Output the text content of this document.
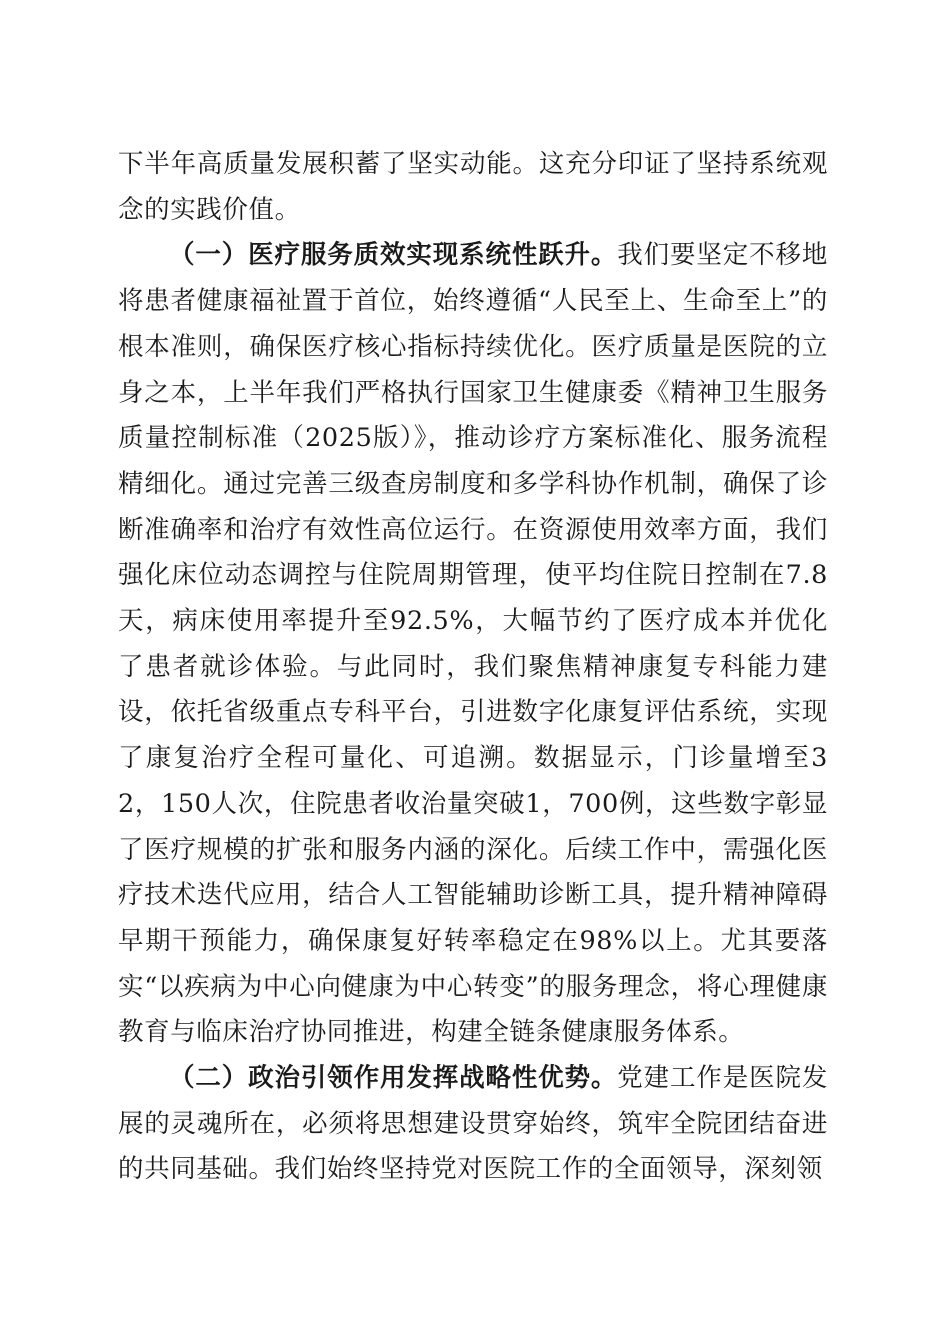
下半年高质量发展积蓄了坚实动能。这充分印证了坚持系统观念的实践价值。

（一）医疗服务质效实现系统性跃升。我们要坚定不移地将患者健康福祉置于首位，始终遵循“人民至上、生命至上”的根本准则，确保医疗核心指标持续优化。医疗质量是医院的立身之本，上半年我们严格执行国家卫生健康委《精神卫生服务质量控制标准（2025版）》，推动诊疗方案标准化、服务流程精细化。通过完善三级查房制度和多学科协作机制，确保了诊断准确率和治疗有效性高位运行。在资源使用效率方面，我们强化床位动态调控与住院周期管理，使平均住院日控制在7.8天，病床使用率提升至92.5%，大幅节约了医疗成本并优化了患者就诊体验。与此同时，我们聚焦精神康复专科能力建设，依托省级重点专科平台，引进数字化康复评估系统，实现了康复治疗全程可量化、可追溯。数据显示，门诊量增至32，150人次，住院患者收治量突破1，700例，这些数字彰显了医疗规模的扩张和服务内涵的深化。后续工作中，需强化医疗技术迭代应用，结合人工智能辅助诊断工具，提升精神障碍早期干预能力，确保康复好转率稳定在98%以上。尤其要落实“以疾病为中心向健康为中心转变”的服务理念，将心理健康教育与临床治疗协同推进，构建全链条健康服务体系。

（二）政治引领作用发挥战略性优势。党建工作是医院发展的灵魂所在，必须将思想建设贯穿始终，筑牢全院团结奋进的共同基础。我们始终坚持党对医院工作的全面领导，深刻领
